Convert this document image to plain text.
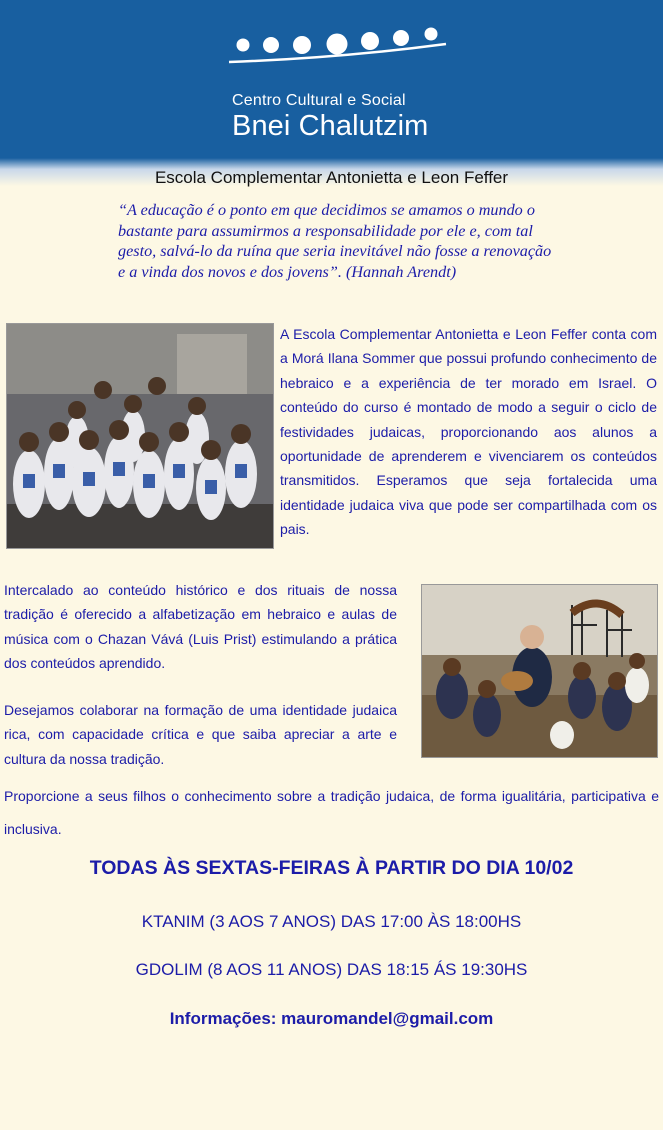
Centro Cultural e Social
Bnei Chalutzim
Escola Complementar Antonietta e Leon Feffer
“A educação é o ponto em que decidimos se amamos o mundo o bastante para assumirmos a responsabilidade por ele e, com tal gesto, salvá-lo da ruína que seria inevitável não fosse a renovação e a vinda dos novos e dos jovens”. (Hannah Arendt)
A Escola Complementar Antonietta e Leon Feffer conta com a Morá Ilana Sommer que possui profundo conhecimento de hebraico e a experiência de ter morado em Israel. O conteúdo do curso é montado de modo a seguir o ciclo de festividades judaicas, proporcionando aos alunos a oportunidade de aprenderem e vivenciarem os conteúdos transmitidos. Esperamos que seja fortalecida uma identidade judaica viva que pode ser compartilhada com os pais.
Intercalado ao conteúdo histórico e dos rituais de nossa tradição é oferecido a alfabetização em hebraico e aulas de música com o Chazan Vává (Luis Prist) estimulando a prática dos conteúdos aprendido.
Desejamos colaborar na formação de uma identidade judaica rica, com capacidade crítica e que saiba apreciar a arte e cultura da nossa tradição.
Proporcione a seus filhos o conhecimento sobre a tradição judaica, de forma igualitária, participativa e inclusiva.
TODAS ÀS SEXTAS-FEIRAS À PARTIR DO DIA 10/02
KTANIM (3 AOS 7 ANOS) DAS 17:00 ÀS 18:00HS
GDOLIM (8 AOS 11 ANOS) DAS 18:15 ÁS 19:30HS
Informações: mauromandel@gmail.com
